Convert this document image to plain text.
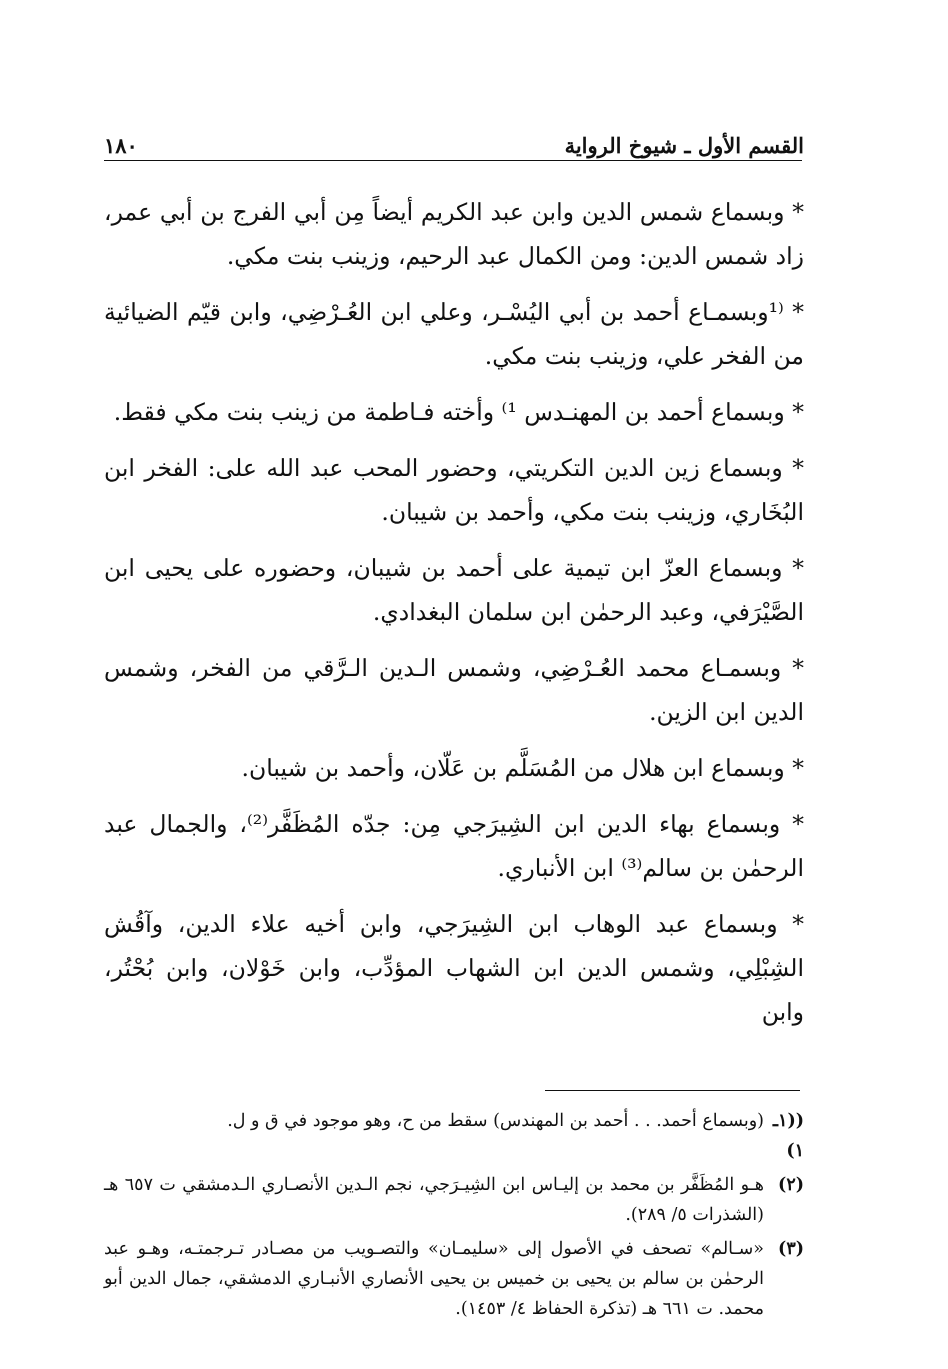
القسم الأول ـ شيوخ الرواية
١٨٠

* وبسماع شمس الدين وابن عبد الكريم أيضاً مِن أبي الفرج بن أبي عمر، زاد شمس الدين: ومن الكمال عبد الرحيم، وزينب بنت مكي.

* ⁽¹وبسمـاع أحمد بن أبي اليُسْـر، وعلي ابن العُـرْضِي، وابن قيّم الضيائية من الفخر علي، وزينب بنت مكي.

* وبسماع أحمد بن المهنـدس ¹⁾ وأخته فـاطمة من زينب بنت مكي فقط.

* وبسماع زين الدين التكريتي، وحضور المحب عبد الله على: الفخر ابن البُخَاري، وزينب بنت مكي، وأحمد بن شيبان.

* وبسماع العزّ ابن تيمية على أحمد بن شيبان، وحضوره على يحيى ابن الصَّيْرَفي، وعبد الرحمٰن ابن سلمان البغدادي.

* وبسمـاع محمد العُـرْضِي، وشمس الـدين الـرَّقي من الفخر، وشمس الدين ابن الزين.

* وبسماع ابن هلال من المُسَلَّم بن عَلّان، وأحمد بن شيبان.

* وبسماع بهاء الدين ابن الشِيرَجي مِن: جدّه المُظَفَّر⁽²⁾، والجمال عبد الرحمٰن بن سالم⁽³⁾ ابن الأنباري.

* وبسماع عبد الوهاب ابن الشِيرَجي، وابن أخيه علاء الدين، وآقُش الشِبْلِي، وشمس الدين ابن الشهاب المؤدِّب، وابن خَوْلان، وابن بُحْتُر، وابن

((١ـ ١)
(وبسماع أحمد. . . أحمد بن المهندس) سقط من ح، وهو موجود في ق و ل.
(٢)
هـو المُظَفَّر بن محمد بن إليـاس ابن الشِيـرَجي، نجم الـدين الأنصـاري الـدمشقي ت ٦٥٧ هـ (الشذرات ٥/ ٢٨٩).
(٣)
«سـالم» تصحف في الأصول إلى «سليمـان» والتصـويب من مصـادر تـرجمتـه، وهـو عبد الرحمٰن بن سالم بن يحيى بن خميس بن يحيى الأنصاري الأنبـاري الدمشقي، جمال الدين أبو محمد. ت ٦٦١ هـ (تذكرة الحفاظ ٤/ ١٤٥٣).
